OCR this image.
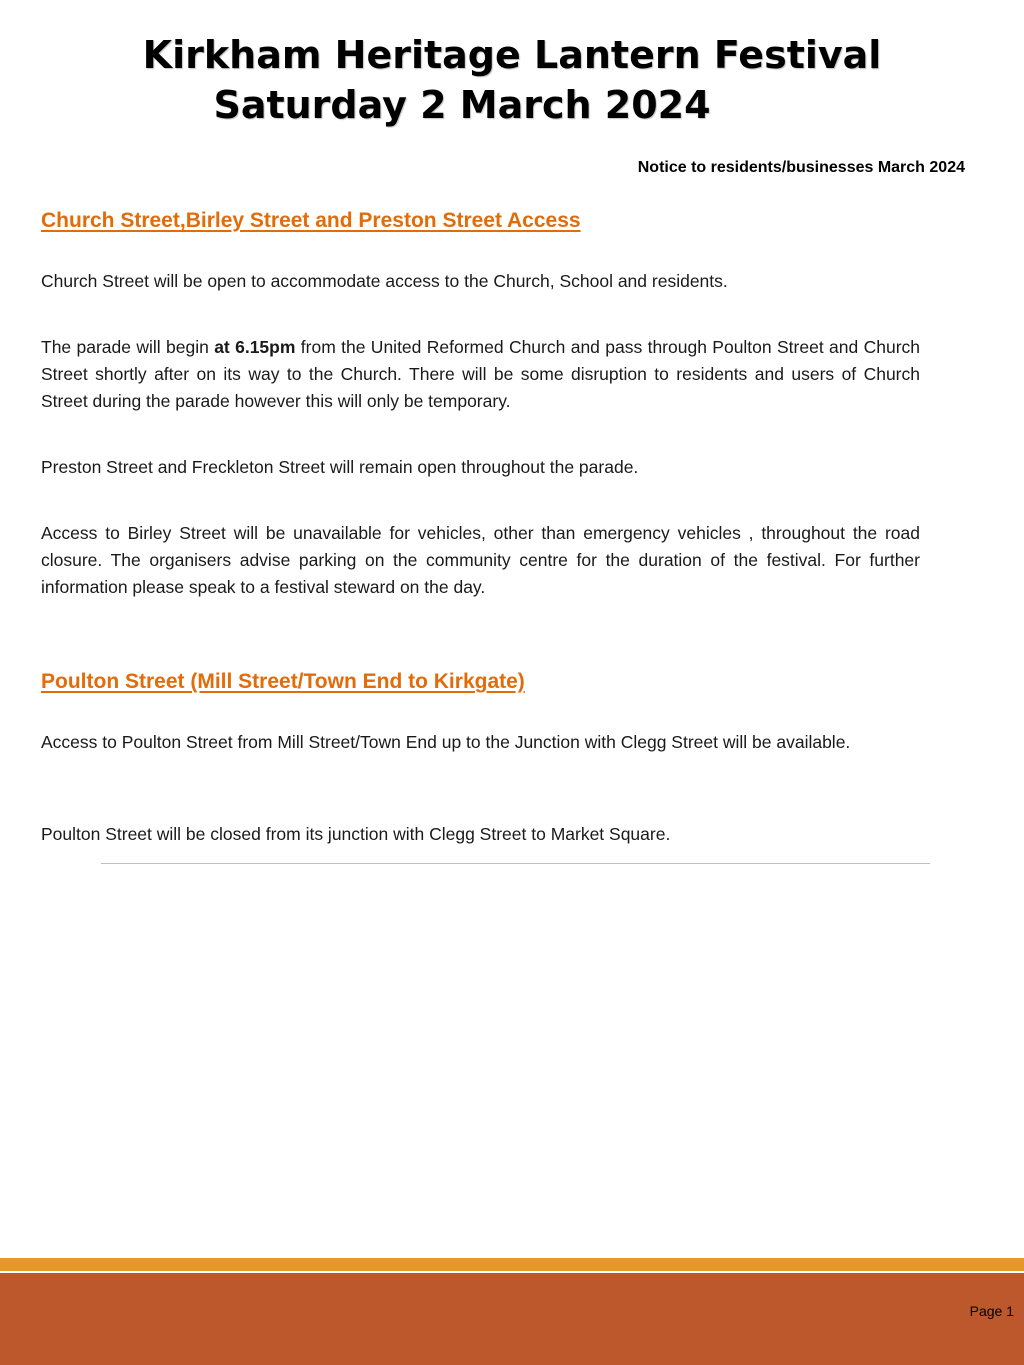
Kirkham Heritage Lantern Festival
Saturday 2 March 2024
Notice to residents/businesses March 2024
Church Street,Birley Street and Preston Street Access

Church Street will be open to accommodate access to the Church, School and residents.

The parade will begin at 6.15pm from the United Reformed Church and pass through Poulton Street and Church Street shortly after on its way to the Church. There will be some disruption to residents and users of Church Street during the parade however this will only be temporary.

Preston Street and Freckleton Street will remain open throughout the parade.

Access to Birley Street will be unavailable for vehicles, other than emergency vehicles , throughout the road closure. The organisers advise parking on the community centre for the duration of the festival. For further information please speak to a festival steward on the day.

Poulton Street (Mill Street/Town End to Kirkgate)

Access to Poulton Street from Mill Street/Town End up to the Junction with Clegg Street will be available.

Poulton Street will be closed from its junction with Clegg Street to Market Square.

Page 1
